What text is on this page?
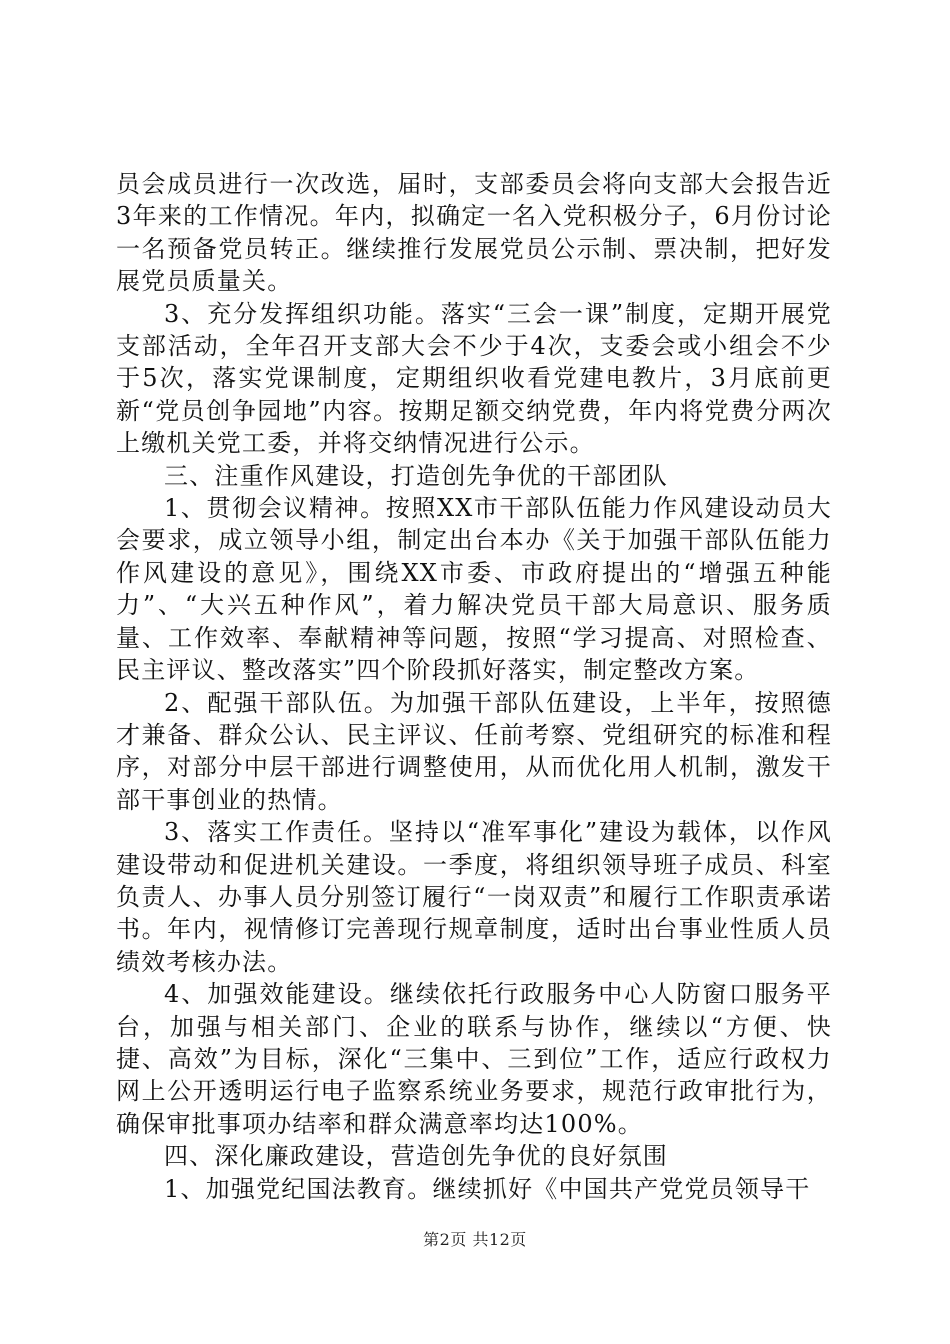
员会成员进行一次改选，届时，支部委员会将向支部大会报告近3年来的工作情况。年内，拟确定一名入党积极分子，6月份讨论一名预备党员转正。继续推行发展党员公示制、票决制，把好发展党员质量关。

3、充分发挥组织功能。落实“三会一课”制度，定期开展党支部活动，全年召开支部大会不少于4次，支委会或小组会不少于5次，落实党课制度，定期组织收看党建电教片，3月底前更新“党员创争园地”内容。按期足额交纳党费，年内将党费分两次上缴机关党工委，并将交纳情况进行公示。

三、注重作风建设，打造创先争优的干部团队

1、贯彻会议精神。按照XX市干部队伍能力作风建设动员大会要求，成立领导小组，制定出台本办《关于加强干部队伍能力作风建设的意见》，围绕XX市委、市政府提出的“增强五种能力”、“大兴五种作风”，着力解决党员干部大局意识、服务质量、工作效率、奉献精神等问题，按照“学习提高、对照检查、民主评议、整改落实”四个阶段抓好落实，制定整改方案。

2、配强干部队伍。为加强干部队伍建设，上半年，按照德才兼备、群众公认、民主评议、任前考察、党组研究的标准和程序，对部分中层干部进行调整使用，从而优化用人机制，激发干部干事创业的热情。

3、落实工作责任。坚持以“准军事化”建设为载体，以作风建设带动和促进机关建设。一季度，将组织领导班子成员、科室负责人、办事人员分别签订履行“一岗双责”和履行工作职责承诺书。年内，视情修订完善现行规章制度，适时出台事业性质人员绩效考核办法。

4、加强效能建设。继续依托行政服务中心人防窗口服务平台，加强与相关部门、企业的联系与协作，继续以“方便、快捷、高效”为目标，深化“三集中、三到位”工作，适应行政权力网上公开透明运行电子监察系统业务要求，规范行政审批行为，确保审批事项办结率和群众满意率均达100%。

四、深化廉政建设，营造创先争优的良好氛围

1、加强党纪国法教育。继续抓好《中国共产党党员领导干

第2页 共12页
